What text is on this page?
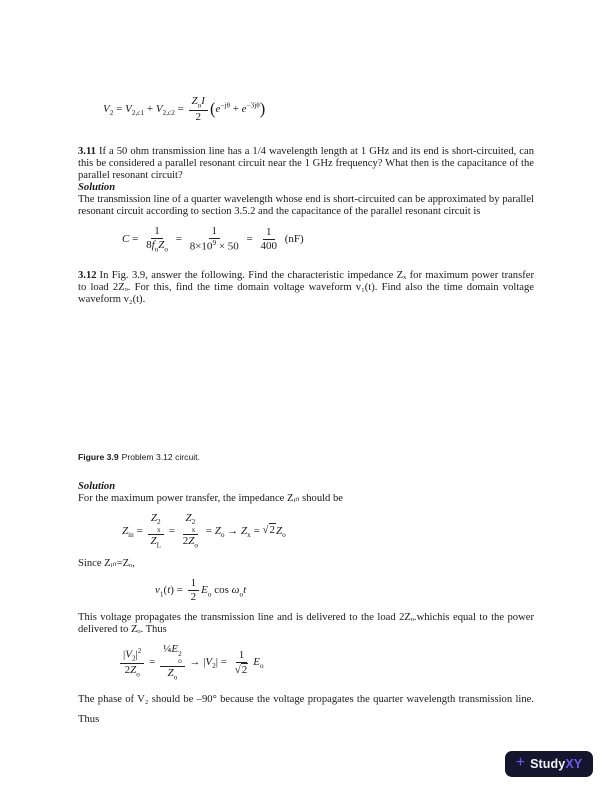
$V_2 = V_{2,c1} + V_{2,c2}$ =
$Z_oI$
2 $(e^{-j\theta} + e^{-3j\theta})$

3.11 If a 50 ohm transmission line has a 1/4 wavelength length at 1 GHz and its end is short-circuited, can this be considered a parallel resonant circuit near the 1 GHz frequency? What then is the capacitance of the parallel resonant circuit?

Solution

The transmission line of a quarter wavelength whose end is short-circuited can be approximated by parallel resonant circuit according to section 3.5.2 and the capacitance of the parallel resonant circuit is

C =
1
$8f_oZ_o$
= $\frac{1}{8\times 10^9 \times 50} = \frac{1}{400} (nF)$

3.12 In Fig. 3.9, answer the following. Find the characteristic impedance Zₓ for maximum power transfer to load 2Zₒ. For this, find the time domain voltage waveform v₁(t). Find also the time domain voltage waveform v₂(t).

Figure 3.9 Problem 3.12 circuit.

Solution

For the maximum power transfer, the impedance Zᵢₙ should be

$Z_{in} = Z$ 2
x
$Z_L = Z$ 2
x
$2Z_o = Z_o \to Z_x$ = √ 2 $Z_o$

Since Zᵢₙ=Zₒ,

$v_1(t) = \frac{1}{2} E_o$ $\cos \omega_ot$

This voltage propagates the transmission line and is delivered to the load 2Zₒ.whichis equal to the power delivered to Zₒ. Thus

$\frac{|V_2|^2}{2Z_o}$ = ¼E 2
o
$Z_o \to |V_2| = \frac{1}{√ 2} E_o$

The phase of V₂ should be –90° because the voltage propagates the quarter wavelength transmission line. Thus

+ StudyXY
